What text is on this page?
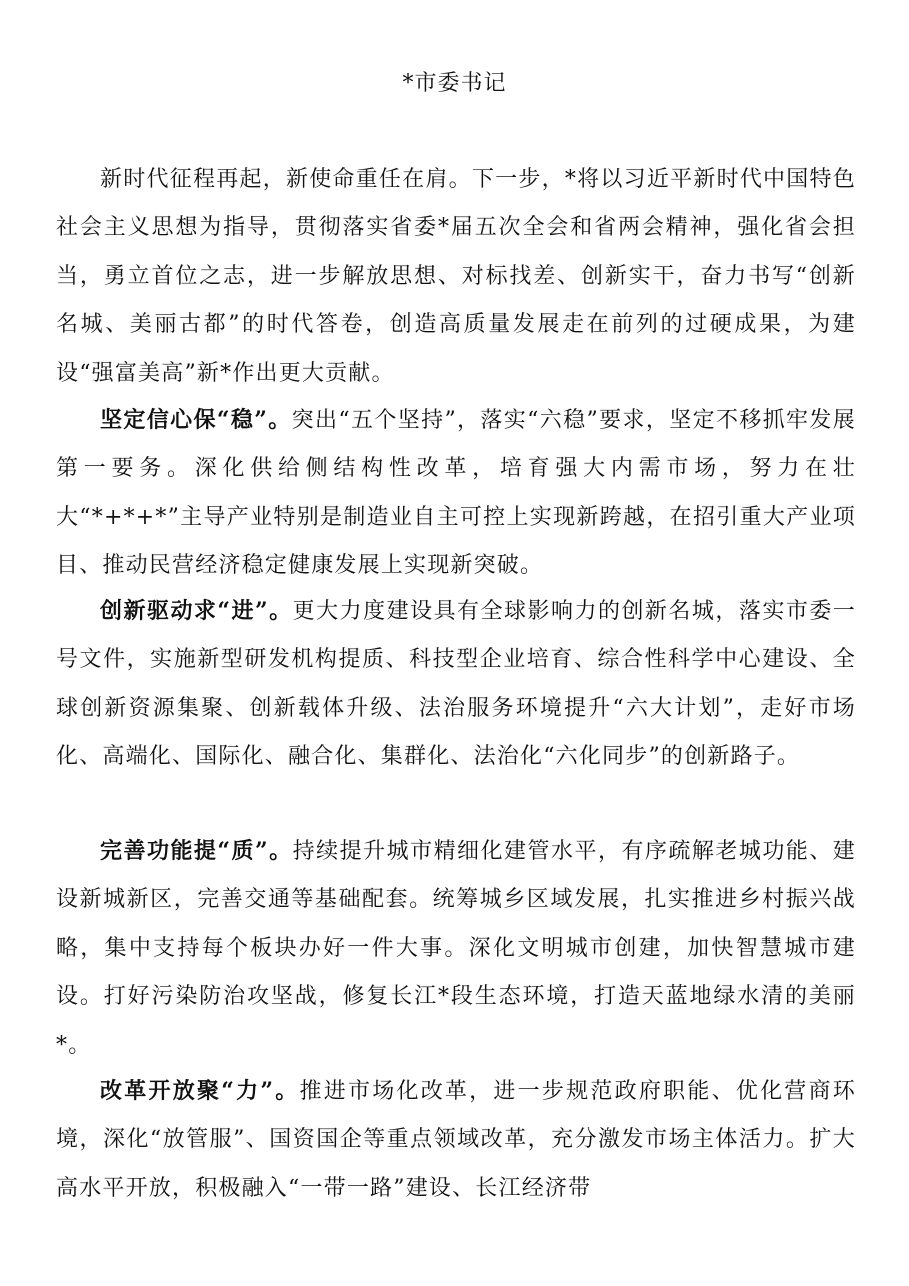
*市委书记

新时代征程再起，新使命重任在肩。下一步，*将以习近平新时代中国特色社会主义思想为指导，贯彻落实省委*届五次全会和省两会精神，强化省会担当，勇立首位之志，进一步解放思想、对标找差、创新实干，奋力书写“创新名城、美丽古都”的时代答卷，创造高质量发展走在前列的过硬成果，为建设“强富美高”新*作出更大贡献。

坚定信心保“稳”。突出“五个坚持”，落实“六稳”要求，坚定不移抓牢发展第一要务。深化供给侧结构性改革，培育强大内需市场，努力在壮大“*+*+*”主导产业特别是制造业自主可控上实现新跨越，在招引重大产业项目、推动民营经济稳定健康发展上实现新突破。

创新驱动求“进”。更大力度建设具有全球影响力的创新名城，落实市委一号文件，实施新型研发机构提质、科技型企业培育、综合性科学中心建设、全球创新资源集聚、创新载体升级、法治服务环境提升“六大计划”，走好市场化、高端化、国际化、融合化、集群化、法治化“六化同步”的创新路子。

完善功能提“质”。持续提升城市精细化建管水平，有序疏解老城功能、建设新城新区，完善交通等基础配套。统筹城乡区域发展，扎实推进乡村振兴战略，集中支持每个板块办好一件大事。深化文明城市创建，加快智慧城市建设。打好污染防治攻坚战，修复长江*段生态环境，打造天蓝地绿水清的美丽*。

改革开放聚“力”。推进市场化改革，进一步规范政府职能、优化营商环境，深化“放管服”、国资国企等重点领域改革，充分激发市场主体活力。扩大高水平开放，积极融入“一带一路”建设、长江经济带
